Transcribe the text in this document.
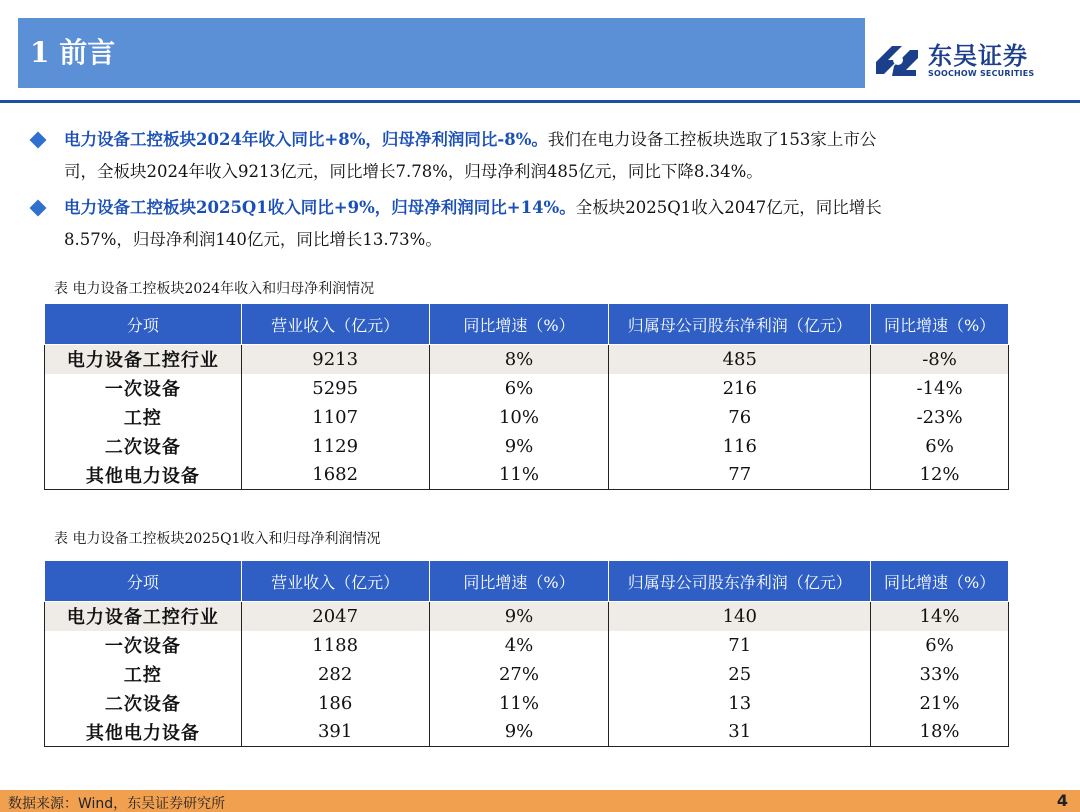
1 前言	东吴证券
SOOCHOW SECURITIES
电力设备工控板块2024年收入同比+8%，归母净利润同比-8%。我们在电力设备工控板块选取了153家上市公
司，全板块2024年收入9213亿元，同比增长7.78%，归母净利润485亿元，同比下降8.34%。
电力设备工控板块2025Q1收入同比+9%，归母净利润同比+14%。全板块2025Q1收入2047亿元，同比增长
8.57%，归母净利润140亿元，同比增长13.73%。
表 电力设备工控板块2024年收入和归母净利润情况
分项	营业收入（亿元）	同比增速（%）	归属母公司股东净利润（亿元）	同比增速（%）
电力设备工控行业	9213	8%	485	-8%
一次设备	5295	6%	216	-14%
工控	1107	10%	76	-23%
二次设备	1129	9%	116	6%
其他电力设备	1682	11%	77	12%
表 电力设备工控板块2025Q1收入和归母净利润情况
分项	营业收入（亿元）	同比增速（%）	归属母公司股东净利润（亿元）	同比增速（%）
电力设备工控行业	2047	9%	140	14%
一次设备	1188	4%	71	6%
工控	282	27%	25	33%
二次设备	186	11%	13	21%
其他电力设备	391	9%	31	18%
数据来源：Wind，东吴证券研究所	4
